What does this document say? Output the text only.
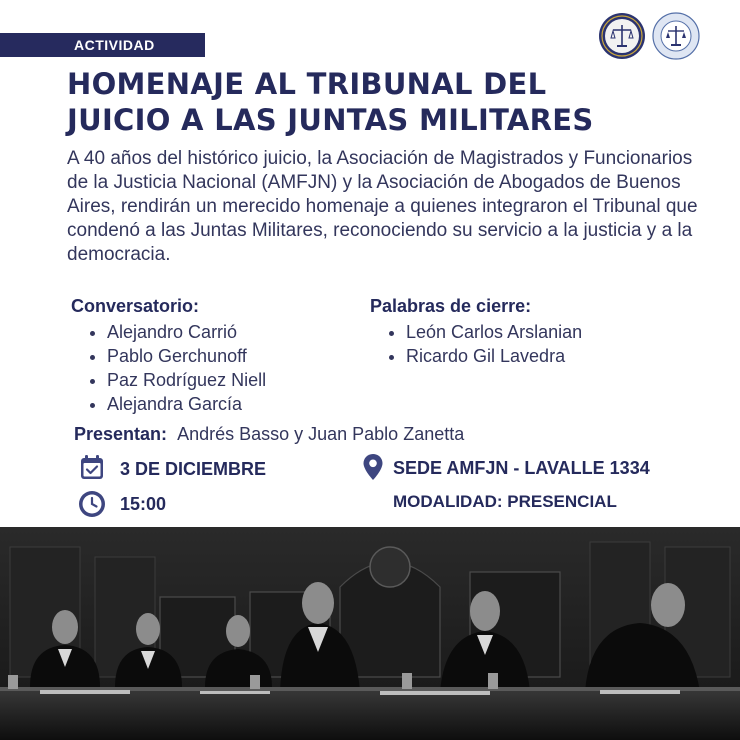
ACTIVIDAD
HOMENAJE AL TRIBUNAL DEL
JUICIO A LAS JUNTAS MILITARES

A 40 años del histórico juicio, la Asociación de Magistrados y Funcionarios de la Justicia Nacional (AMFJN) y la Asociación de Abogados de Buenos Aires, rendirán un merecido homenaje a quienes integraron el Tribunal que condenó a las Juntas Militares, reconociendo su servicio a la justicia y a la democracia.

Conversatorio:
• Alejandro Carrió
• Pablo Gerchunoff
• Paz Rodríguez Niell
• Alejandra García
Palabras de cierre:
• León Carlos Arslanian
• Ricardo Gil Lavedra
Presentan: Andrés Basso y Juan Pablo Zanetta
3 DE DICIEMBRE
15:00
SEDE AMFJN - LAVALLE 1334
MODALIDAD: PRESENCIAL
